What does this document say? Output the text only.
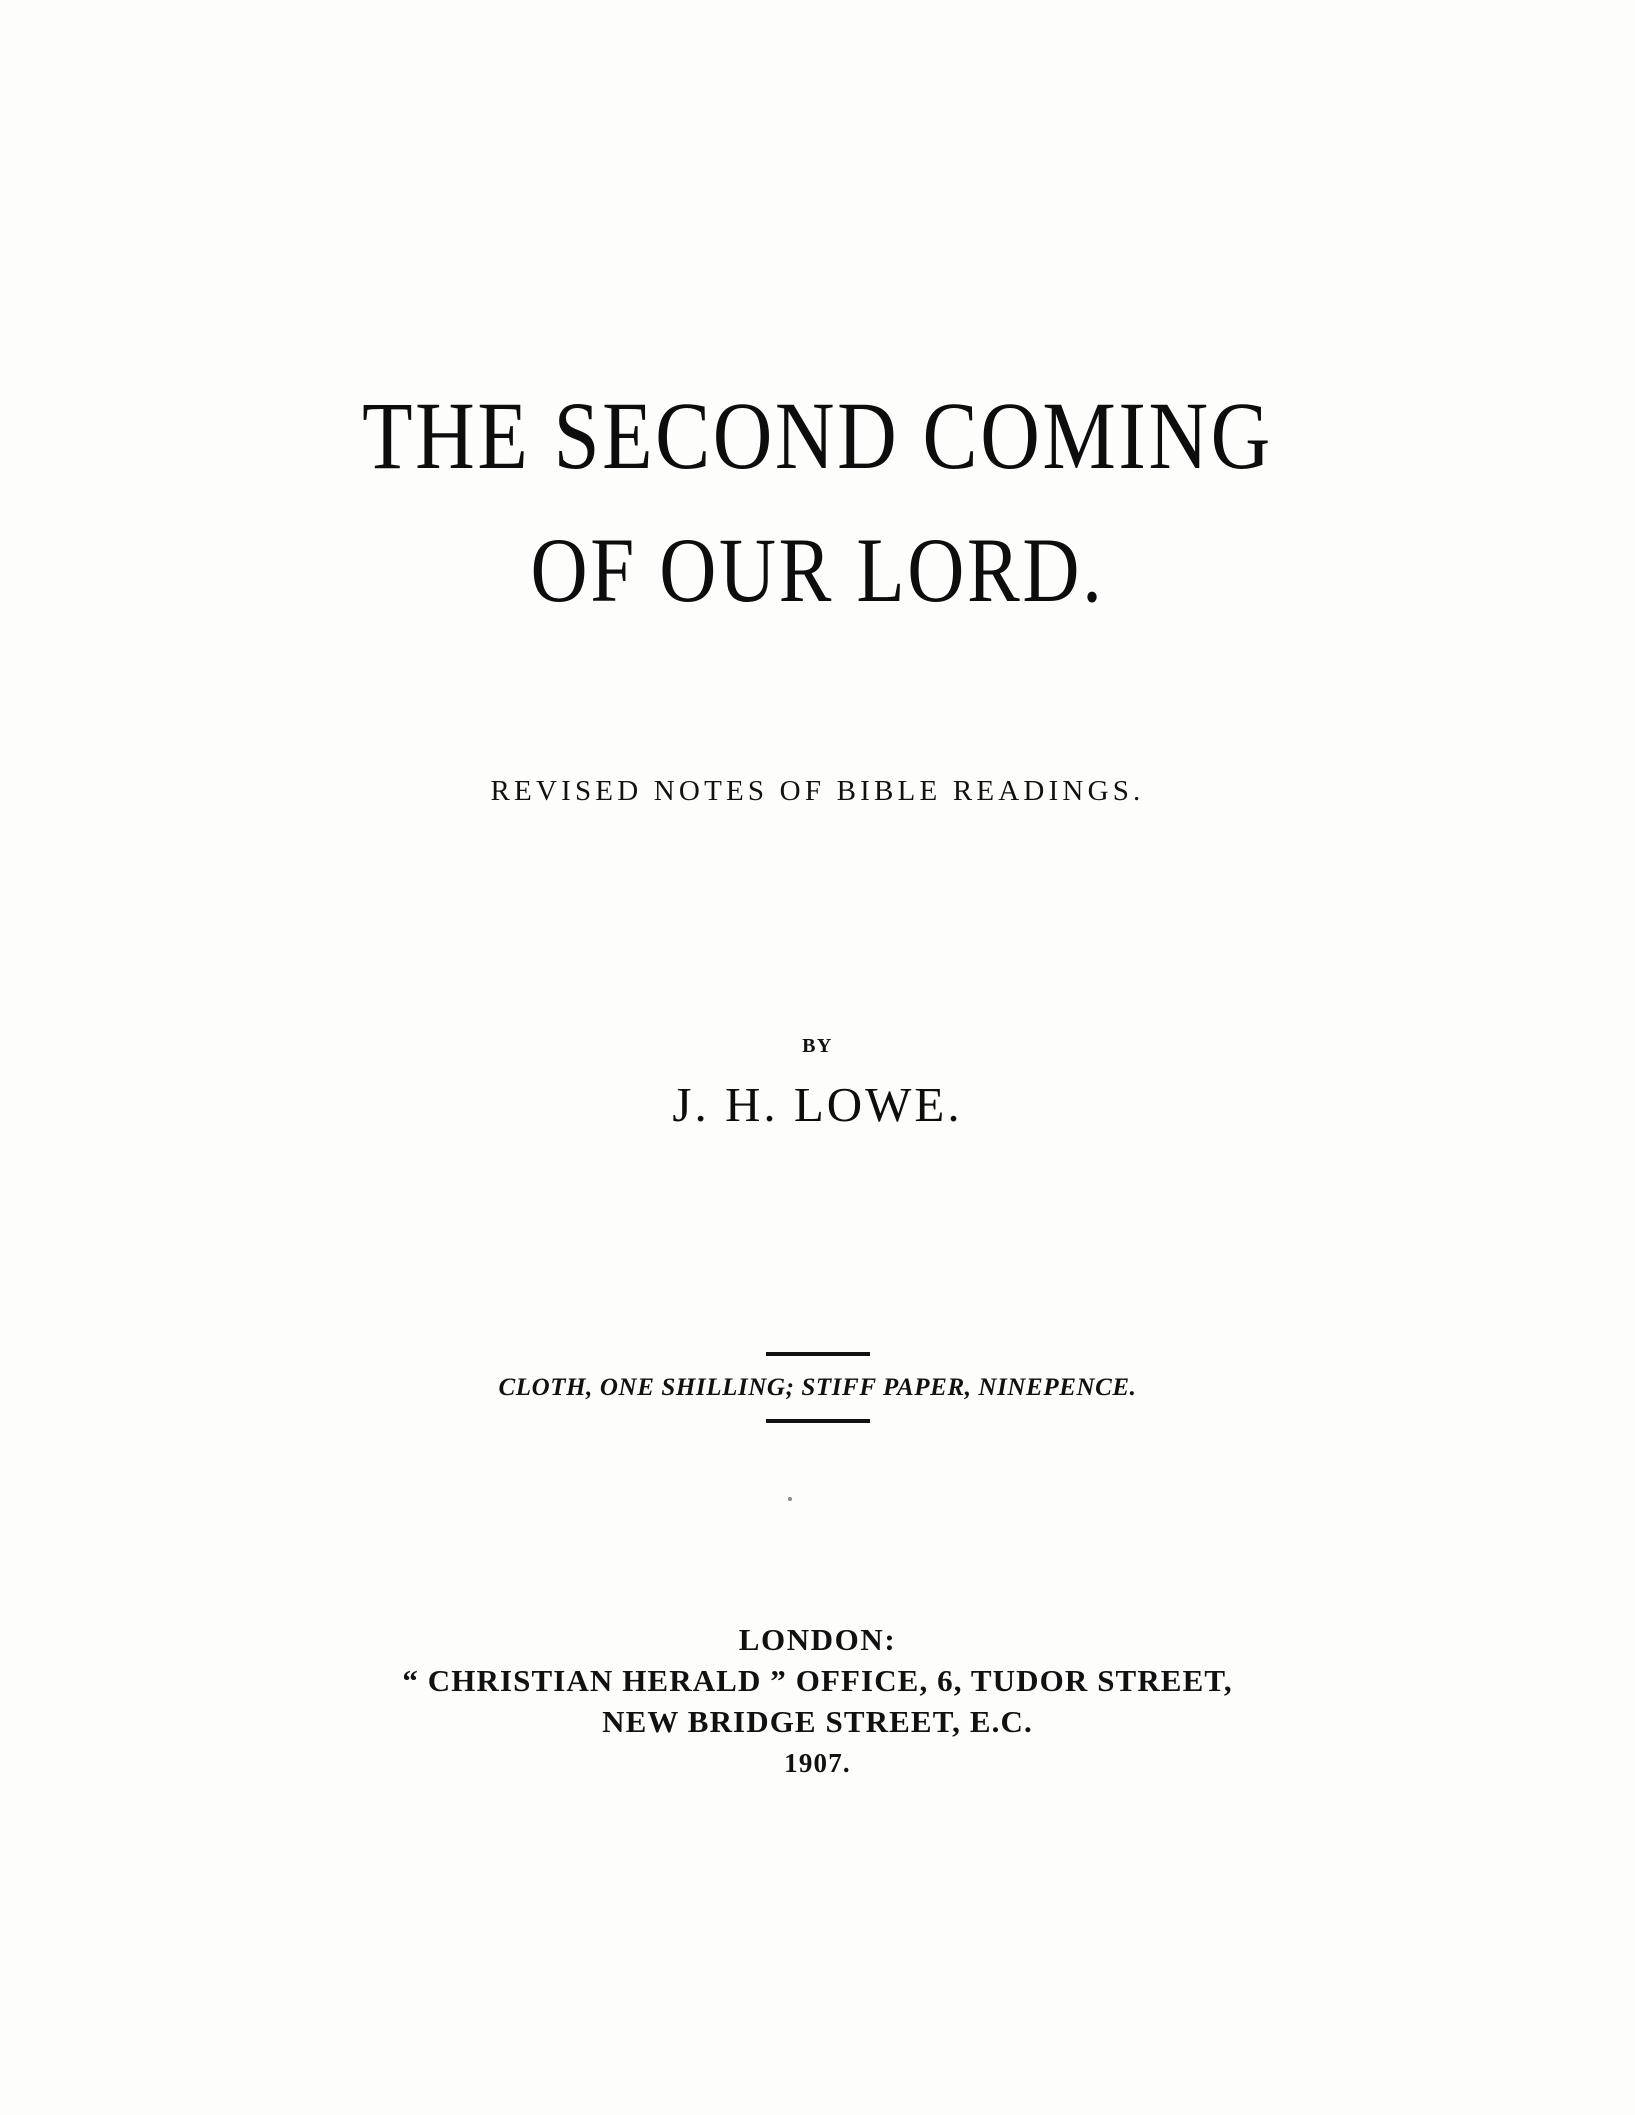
THE SECOND COMING
OF OUR LORD.
REVISED NOTES OF BIBLE READINGS.
BY
J. H. LOWE.
CLOTH, ONE SHILLING; STIFF PAPER, NINEPENCE.
LONDON:
“ CHRISTIAN HERALD ” OFFICE, 6, TUDOR STREET,
NEW BRIDGE STREET, E.C.
1907.
